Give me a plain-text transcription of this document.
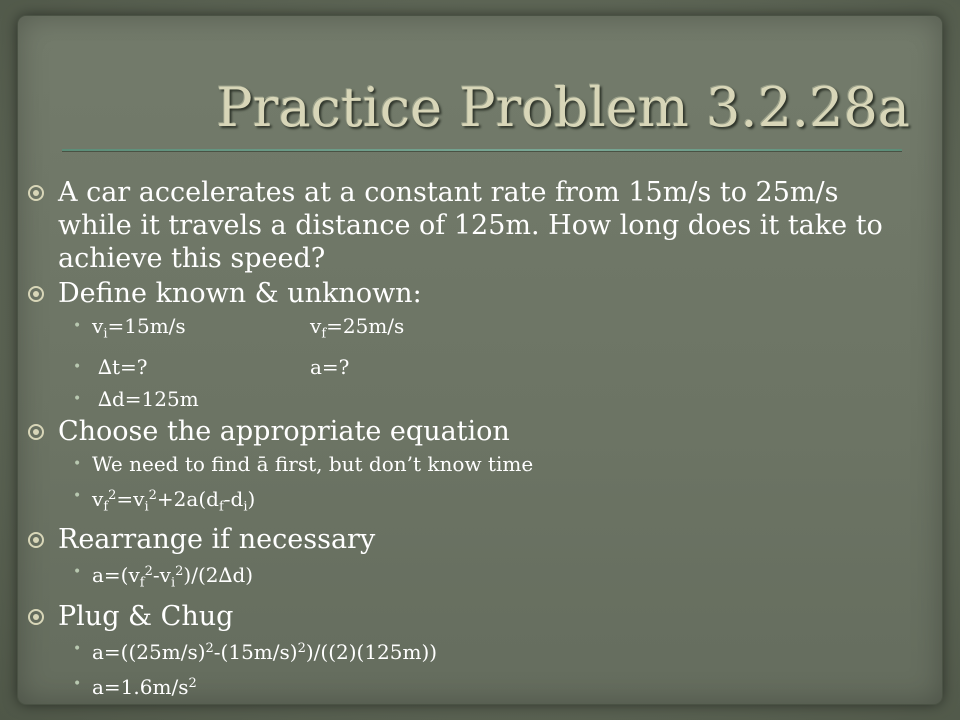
Practice Problem 3.2.28a
A car accelerates at a constant rate from 15m/s to 25m/s while it travels a distance of 125m. How long does it take to achieve this speed?
Define known & unknown:
• $v_i=15m/s$	$v_f=25m/s$
• ∆t=?	a=?
• ∆d=125m
Choose the appropriate equation
• We need to find ā first, but don’t know time
• $v_f^2=v_i^2+2a(d_f-d_i)$
Rearrange if necessary
• $a=(v_f^2-v_i^2)/(2\Delta d)$
Plug & Chug
• $a=((25m/s)^2-(15m/s)^2)/((2)(125m))$
• $a=1.6m/s^2$
